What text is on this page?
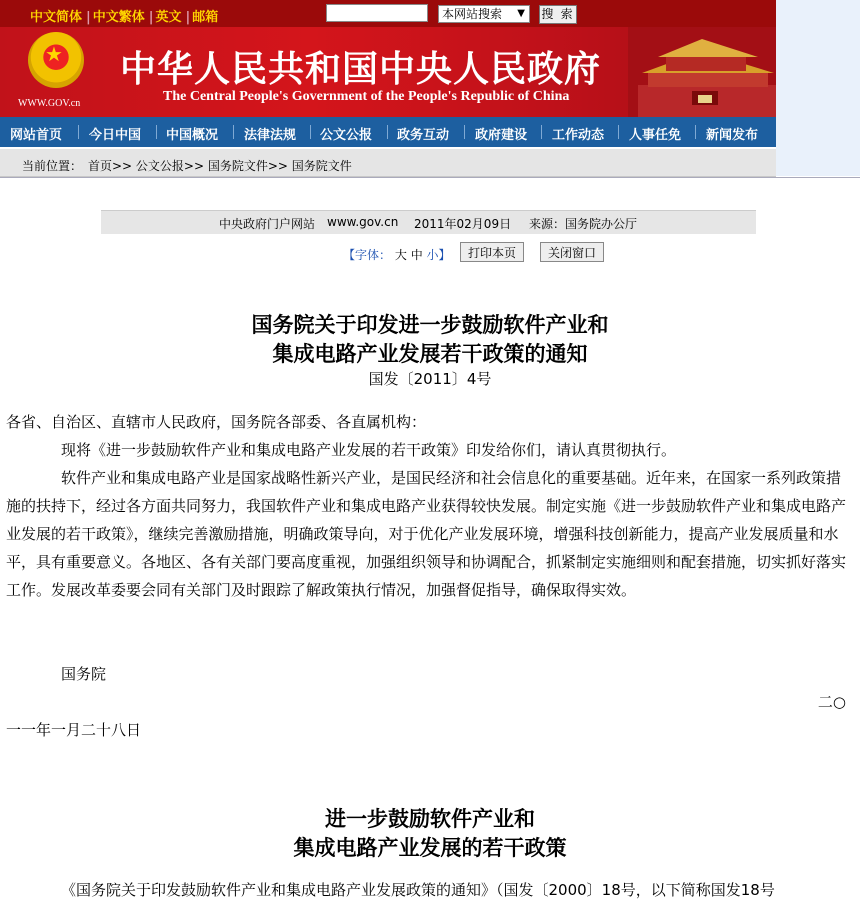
中文简体 | 中文繁体 | 英文 | 邮箱	本网站搜索 ▼ 搜 索
★
WWW.GOV.cn
中华人民共和国中央人民政府
The Central People's Government of the People's Republic of China
网站首页 今日中国 中国概况 法律法规 公文公报 政务互动 政府建设 工作动态 人事任免 新闻发布
当前位置： 首页>> 公文公报>> 国务院文件>> 国务院文件
中央政府门户网站 www.gov.cn 2011年02月09日 来源：国务院办公厅
【字体： 大 中 小】	打印本页	关闭窗口
国务院关于印发进一步鼓励软件产业和
集成电路产业发展若干政策的通知
国发〔2011〕4号
各省、自治区、直辖市人民政府，国务院各部委、各直属机构：
现将《进一步鼓励软件产业和集成电路产业发展的若干政策》印发给你们，请认真贯彻执行。
软件产业和集成电路产业是国家战略性新兴产业，是国民经济和社会信息化的重要基础。近年来，在国家一系列政策措施的扶持下，经过各方面共同努力，我国软件产业和集成电路产业获得较快发展。制定实施《进一步鼓励软件产业和集成电路产业发展的若干政策》，继续完善激励措施，明确政策导向，对于优化产业发展环境，增强科技创新能力，提高产业发展质量和水平，具有重要意义。各地区、各有关部门要高度重视，加强组织领导和协调配合，抓紧制定实施细则和配套措施，切实抓好落实工作。发展改革委要会同有关部门及时跟踪了解政策执行情况，加强督促指导，确保取得实效。
国务院
二○
一一年一月二十八日
进一步鼓励软件产业和
集成电路产业发展的若干政策
《国务院关于印发鼓励软件产业和集成电路产业发展政策的通知》（国发〔2000〕18号，以下简称国发18号
